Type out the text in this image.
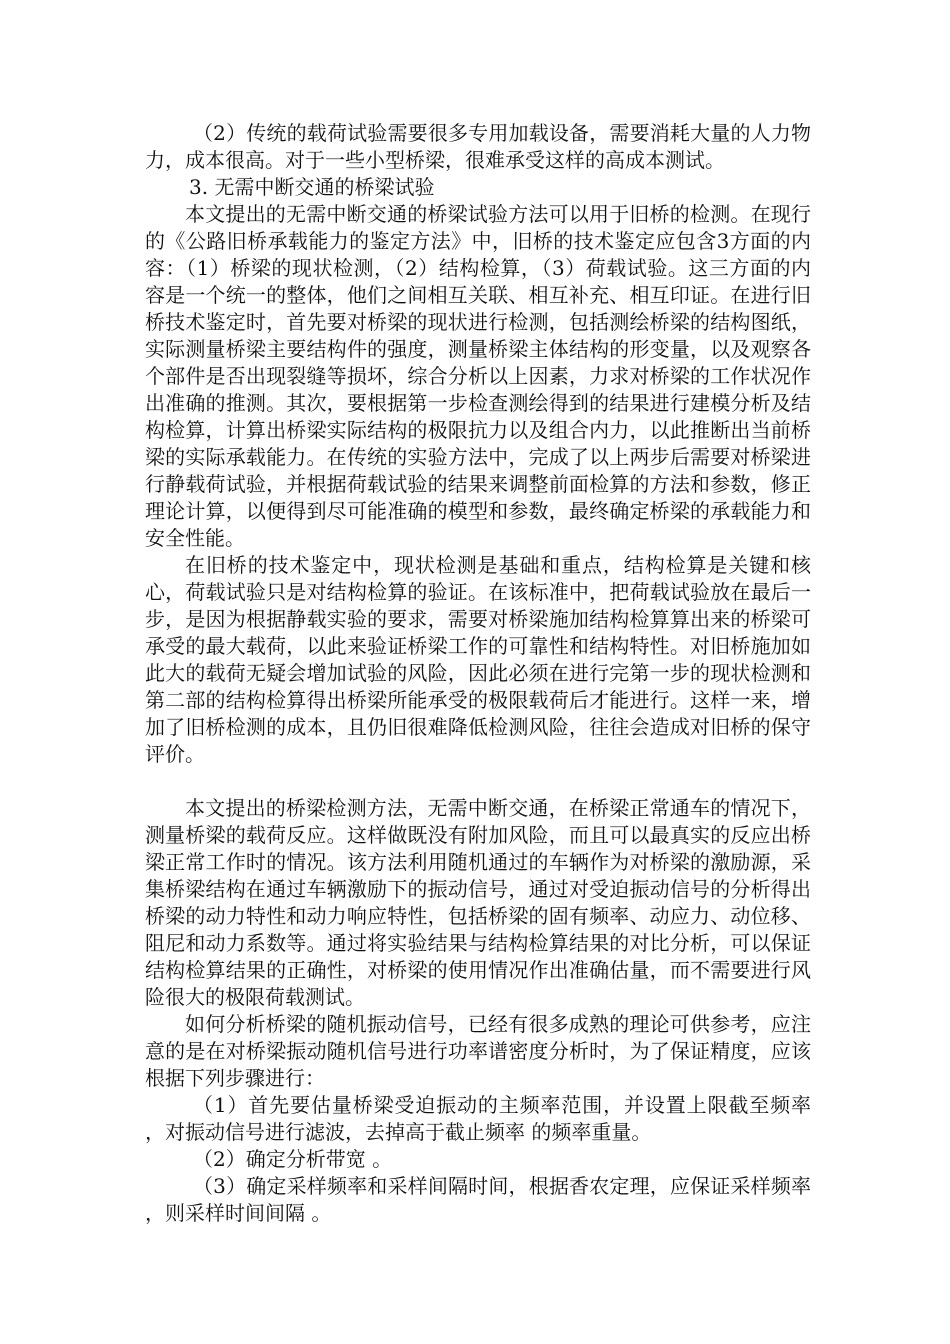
（2）传统的载荷试验需要很多专用加载设备，需要消耗大量的人力物力，成本很高。对于一些小型桥梁，很难承受这样的高成本测试。

3. 无需中断交通的桥梁试验

本文提出的无需中断交通的桥梁试验方法可以用于旧桥的检测。在现行的《公路旧桥承载能力的鉴定方法》中，旧桥的技术鉴定应包含3方面的内容：（1）桥梁的现状检测，（2）结构检算，（3）荷载试验。这三方面的内容是一个统一的整体，他们之间相互关联、相互补充、相互印证。在进行旧桥技术鉴定时，首先要对桥梁的现状进行检测，包括测绘桥梁的结构图纸，实际测量桥梁主要结构件的强度，测量桥梁主体结构的形变量，以及观察各个部件是否出现裂缝等损坏，综合分析以上因素，力求对桥梁的工作状况作出准确的推测。其次，要根据第一步检查测绘得到的结果进行建模分析及结构检算，计算出桥梁实际结构的极限抗力以及组合内力，以此推断出当前桥梁的实际承载能力。在传统的实验方法中，完成了以上两步后需要对桥梁进行静载荷试验，并根据荷载试验的结果来调整前面检算的方法和参数，修正理论计算，以便得到尽可能准确的模型和参数，最终确定桥梁的承载能力和安全性能。

在旧桥的技术鉴定中，现状检测是基础和重点，结构检算是关键和核心，荷载试验只是对结构检算的验证。在该标准中，把荷载试验放在最后一步，是因为根据静载实验的要求，需要对桥梁施加结构检算算出来的桥梁可承受的最大载荷，以此来验证桥梁工作的可靠性和结构特性。对旧桥施加如此大的载荷无疑会增加试验的风险，因此必须在进行完第一步的现状检测和第二部的结构检算得出桥梁所能承受的极限载荷后才能进行。这样一来，增加了旧桥检测的成本，且仍旧很难降低检测风险，往往会造成对旧桥的保守评价。

本文提出的桥梁检测方法，无需中断交通，在桥梁正常通车的情况下，测量桥梁的载荷反应。这样做既没有附加风险，而且可以最真实的反应出桥梁正常工作时的情况。该方法利用随机通过的车辆作为对桥梁的激励源，采集桥梁结构在通过车辆激励下的振动信号，通过对受迫振动信号的分析得出桥梁的动力特性和动力响应特性，包括桥梁的固有频率、动应力、动位移、阻尼和动力系数等。通过将实验结果与结构检算结果的对比分析，可以保证结构检算结果的正确性，对桥梁的使用情况作出准确估量，而不需要进行风险很大的极限荷载测试。

如何分析桥梁的随机振动信号，已经有很多成熟的理论可供参考，应注意的是在对桥梁振动随机信号进行功率谱密度分析时，为了保证精度，应该根据下列步骤进行：

（1）首先要估量桥梁受迫振动的主频率范围，并设置上限截至频率 ，对振动信号进行滤波，去掉高于截止频率 的频率重量。

（2）确定分析带宽 。

（3）确定采样频率和采样间隔时间，根据香农定理，应保证采样频率 ，则采样时间间隔 。
